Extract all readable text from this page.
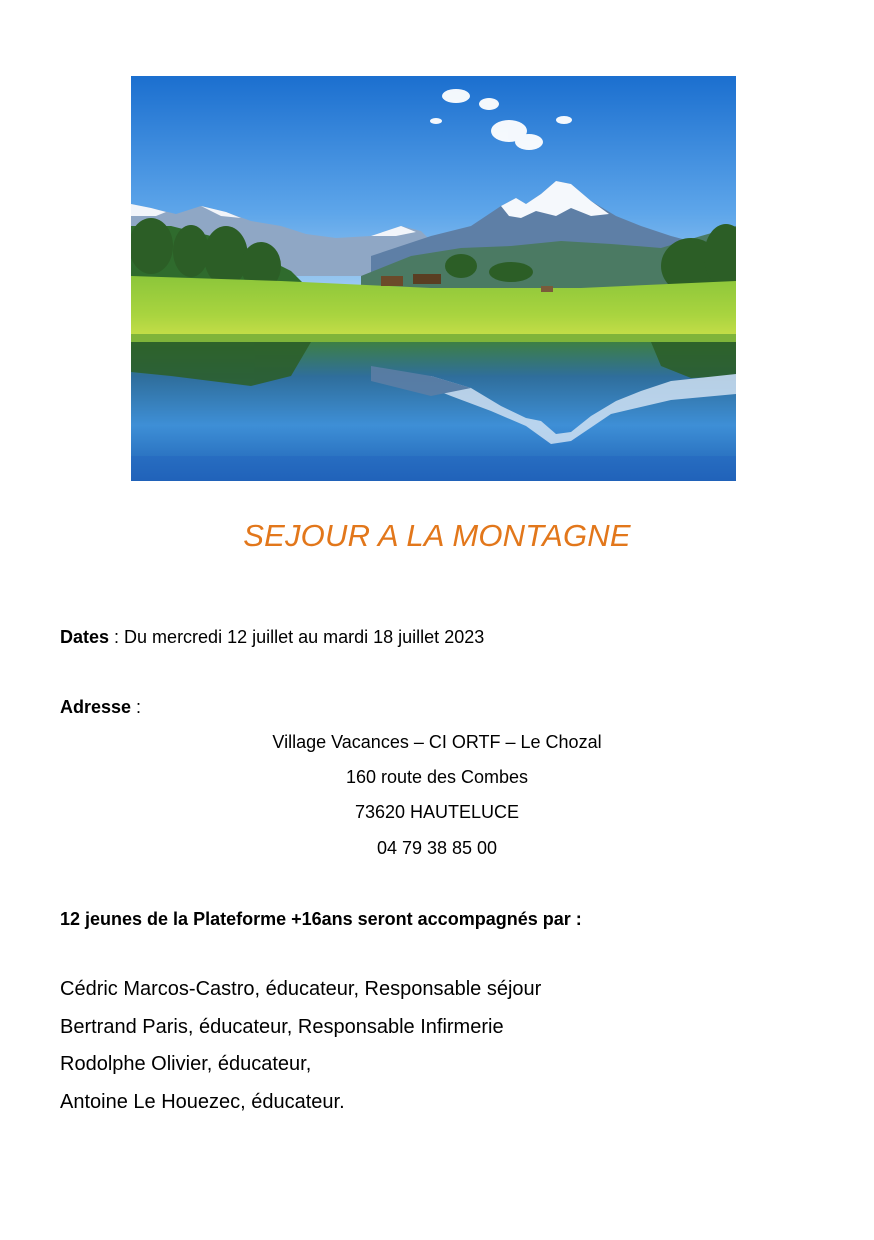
SEJOUR A LA MONTAGNE
Dates : Du mercredi 12 juillet au mardi 18 juillet 2023
Adresse :
Village Vacances – CI ORTF – Le Chozal
160 route des Combes
73620 HAUTELUCE
04 79 38 85 00
12 jeunes de la Plateforme +16ans seront accompagnés par :
Cédric Marcos-Castro, éducateur, Responsable séjour
Bertrand Paris, éducateur, Responsable Infirmerie
Rodolphe Olivier, éducateur,
Antoine Le Houezec, éducateur.
